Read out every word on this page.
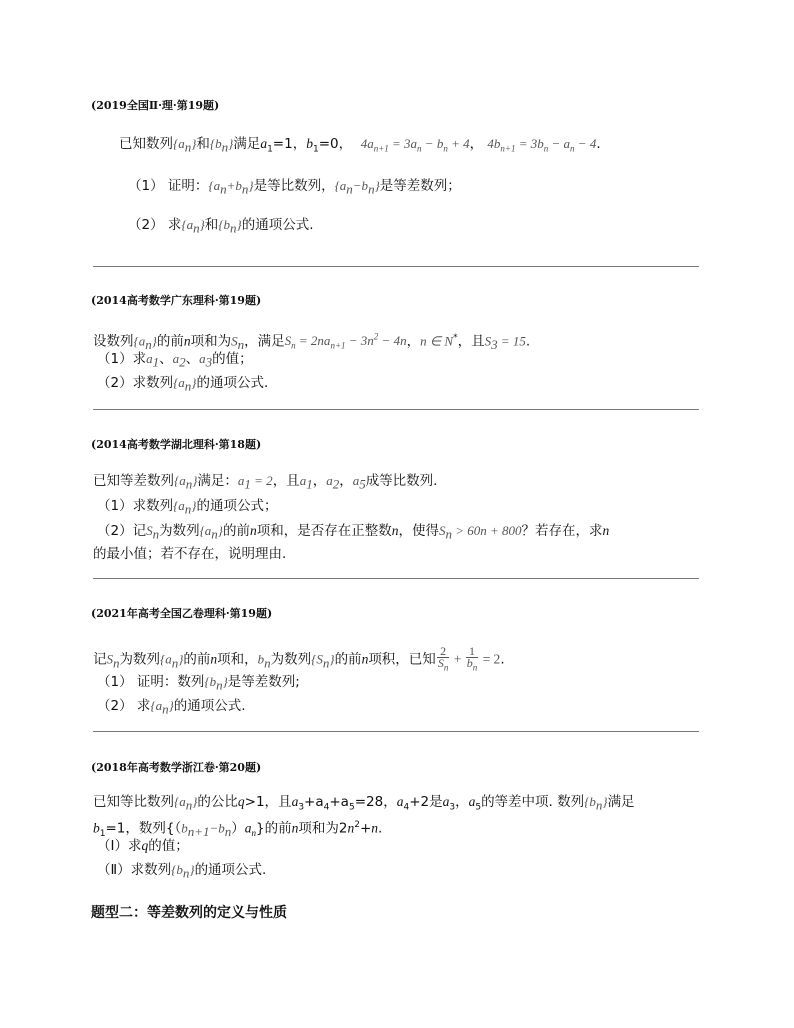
(2019全国Ⅱ·理·第19题)
已知数列$\{a_n\}$和$\{b_n\}$满足$a_1=1$，$b_1=0$， $4a_{n+1} = 3a_n - b_n + 4$， $4b_{n+1} = 3b_n - a_n - 4$.
（1） 证明：$\{a_n+b_n\}$是等比数列，$\{a_n-b_n\}$是等差数列；
（2） 求$\{a_n\}$和$\{b_n\}$的通项公式.
(2014高考数学广东理科·第19题)
设数列$\{a_n\}$的前n项和为$S_n$，满足$S_n = 2na_{n+1} - 3n^2 - 4n$，n ∈ N*，且$S_3 = 15$.
（1）求$a_1$、$a_2$、$a_3$的值；
（2）求数列$\{a_n\}$的通项公式.
(2014高考数学湖北理科·第18题)
已知等差数列$\{a_n\}$满足：$a_1 = 2$，且$a_1$，$a_2$，$a_5$成等比数列.
（1）求数列$\{a_n\}$的通项公式；
（2）记$S_n$为数列$\{a_n\}$的前n项和，是否存在正整数n，使得$S_n > 60n + 800$？若存在，求n
的最小值；若不存在，说明理由.
(2021年高考全国乙卷理科·第19题)
记$S_n$为数列$\{a_n\}$的前n项和，$b_n$为数列$\{S_n\}$的前n项积，已知 $\frac{2}{S_n} + \frac{1}{b_n} = 2$.
（1） 证明：数列$\{b_n\}$是等差数列;
（2） 求$\{a_n\}$的通项公式.
(2018年高考数学浙江卷·第20题)
已知等比数列$\{a_n\}$的公比q>1，且$a_3+a_4+a_5=28$，$a_4+2$是$a_3$，$a_5$的等差中项. 数列$\{b_n\}$满足
$b_1=1$，数列$\{(b_{n+1}-b_n)a_n\}$的前n项和为$2n^2+n$.
（Ⅰ）求q的值；
（Ⅱ）求数列$\{b_n\}$的通项公式.
题型二：等差数列的定义与性质
